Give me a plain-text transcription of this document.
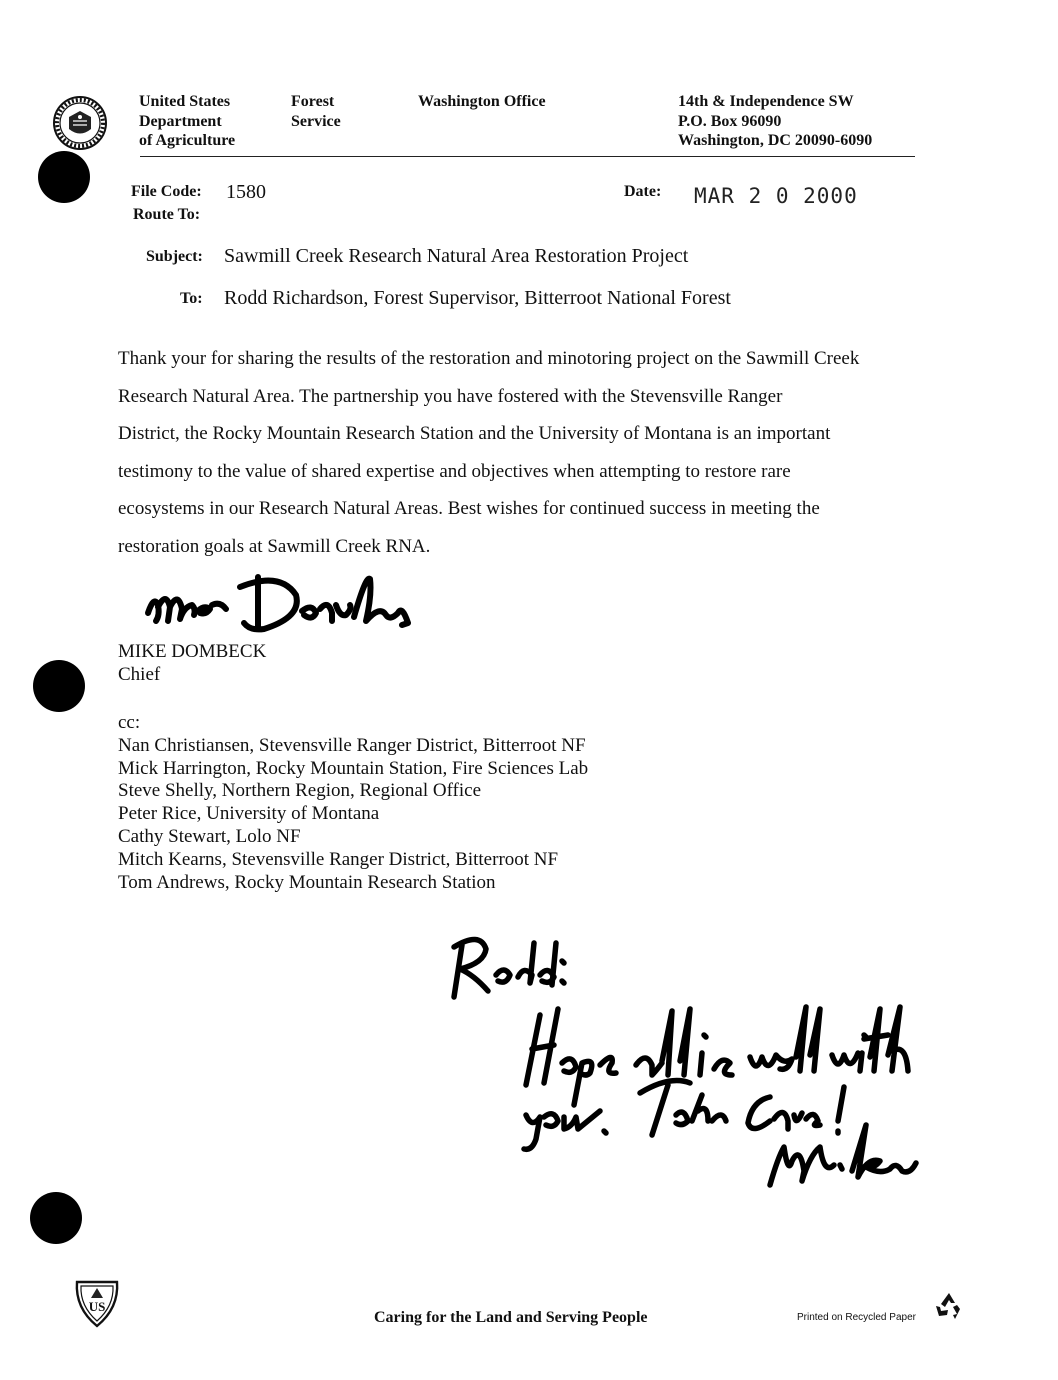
United States
Department
of Agriculture
Forest
Service
Washington Office	14th & Independence SW
P.O. Box 96090
Washington, DC 20090-6090
File Code: 1580
Route To:
Date: MAR 2 0 2000
Subject: Sawmill Creek Research Natural Area Restoration Project
To: Rodd Richardson, Forest Supervisor, Bitterroot National Forest
Thank your for sharing the results of the restoration and minotoring project on the Sawmill Creek
Research Natural Area. The partnership you have fostered with the Stevensville Ranger
District, the Rocky Mountain Research Station and the University of Montana is an important
testimony to the value of shared expertise and objectives when attempting to restore rare
ecosystems in our Research Natural Areas. Best wishes for continued success in meeting the
restoration goals at Sawmill Creek RNA.
MIKE DOMBECK
Chief
cc:
Nan Christiansen, Stevensville Ranger District, Bitterroot NF
Mick Harrington, Rocky Mountain Station, Fire Sciences Lab
Steve Shelly, Northern Region, Regional Office
Peter Rice, University of Montana
Cathy Stewart, Lolo NF
Mitch Kearns, Stevensville Ranger District, Bitterroot NF
Tom Andrews, Rocky Mountain Research Station
US
Caring for the Land and Serving People	Printed on Recycled Paper
